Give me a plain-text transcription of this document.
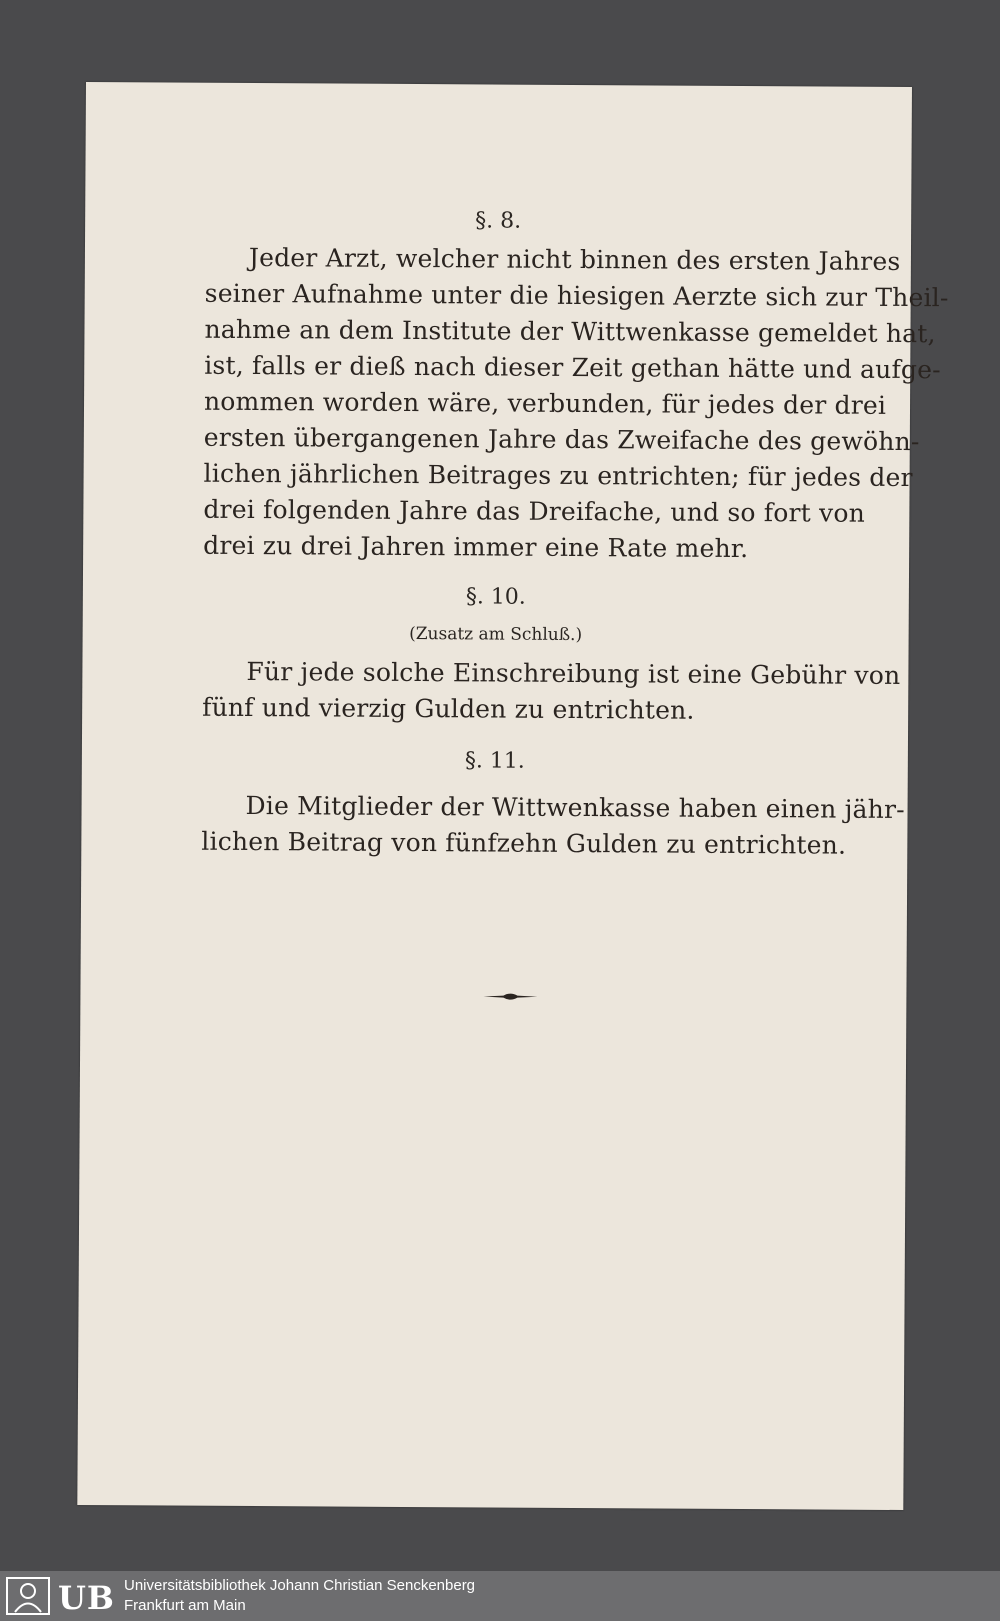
§. 8.
Jeder Arzt, welcher nicht binnen des ersten Jahres
seiner Aufnahme unter die hiesigen Aerzte sich zur Theil-
nahme an dem Institute der Wittwenkasse gemeldet hat,
ist, falls er dieß nach dieser Zeit gethan hätte und aufge-
nommen worden wäre, verbunden, für jedes der drei
ersten übergangenen Jahre das Zweifache des gewöhn-
lichen jährlichen Beitrages zu entrichten; für jedes der
drei folgenden Jahre das Dreifache, und so fort von
drei zu drei Jahren immer eine Rate mehr.
§. 10.
(Zusatz am Schluß.)
Für jede solche Einschreibung ist eine Gebühr von
fünf und vierzig Gulden zu entrichten.
§. 11.
Die Mitglieder der Wittwenkasse haben einen jähr-
lichen Beitrag von fünfzehn Gulden zu entrichten.
UB Universitätsbibliothek Johann Christian Senckenberg
Frankfurt am Main
